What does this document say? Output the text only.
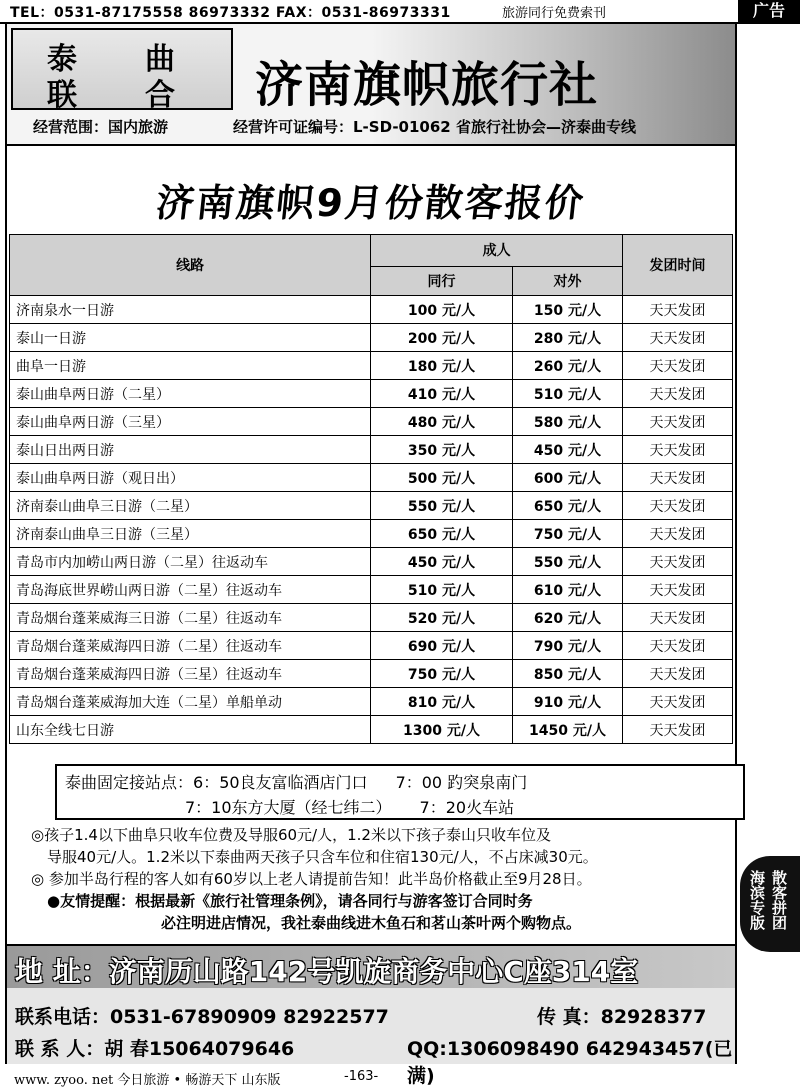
TEL：0531-87175558 86973332 FAX：0531-86973331	旅游同行免费索刊	广告
泰 曲
联 合 济南旗帜旅行社
经营范围：国内旅游	经营许可证编号：L-SD-01062 省旅行社协会—济泰曲专线
济南旗帜9月份散客报价
线路	成人		发团时间
	同行	对外	
济南泉水一日游	100 元/人	150 元/人	天天发团
泰山一日游	200 元/人	280 元/人	天天发团
曲阜一日游	180 元/人	260 元/人	天天发团
泰山曲阜两日游（二星）	410 元/人	510 元/人	天天发团
泰山曲阜两日游（三星）	480 元/人	580 元/人	天天发团
泰山日出两日游	350 元/人	450 元/人	天天发团
泰山曲阜两日游（观日出）	500 元/人	600 元/人	天天发团
济南泰山曲阜三日游（二星）	550 元/人	650 元/人	天天发团
济南泰山曲阜三日游（三星）	650 元/人	750 元/人	天天发团
青岛市内加崂山两日游（二星）往返动车	450 元/人	550 元/人	天天发团
青岛海底世界崂山两日游（二星）往返动车	510 元/人	610 元/人	天天发团
青岛烟台蓬莱威海三日游（二星）往返动车	520 元/人	620 元/人	天天发团
青岛烟台蓬莱威海四日游（二星）往返动车	690 元/人	790 元/人	天天发团
青岛烟台蓬莱威海四日游（三星）往返动车	750 元/人	850 元/人	天天发团
青岛烟台蓬莱威海加大连（二星）单船单动	810 元/人	910 元/人	天天发团
山东全线七日游	1300 元/人	1450 元/人	天天发团
泰曲固定接站点：6：50良友富临酒店门口 7：00 趵突泉南门
7：10东方大厦（经七纬二） 7：20火车站

◎孩子1.4以下曲阜只收车位费及导服60元/人，1.2米以下孩子泰山只收车位及

导服40元/人。1.2米以下泰曲两天孩子只含车位和住宿130元/人，不占床减30元。

◎ 参加半岛行程的客人如有60岁以上老人请提前告知！此半岛价格截止至9月28日。

●友情提醒：根据最新《旅行社管理条例》，请各同行与游客签订合同时务

必注明进店情况，我社泰曲线进木鱼石和茗山茶叶两个购物点。

地 址：济南历山路142号凯旋商务中心C座314室
联系电话：0531-67890909 82922577	传 真：82928377
联 系 人：胡 春15064079646	QQ:1306098490 642943457(已满)
散客拼团
海滨专版
www. zyoo. net 今日旅游 • 畅游天下 山东版	-163-
